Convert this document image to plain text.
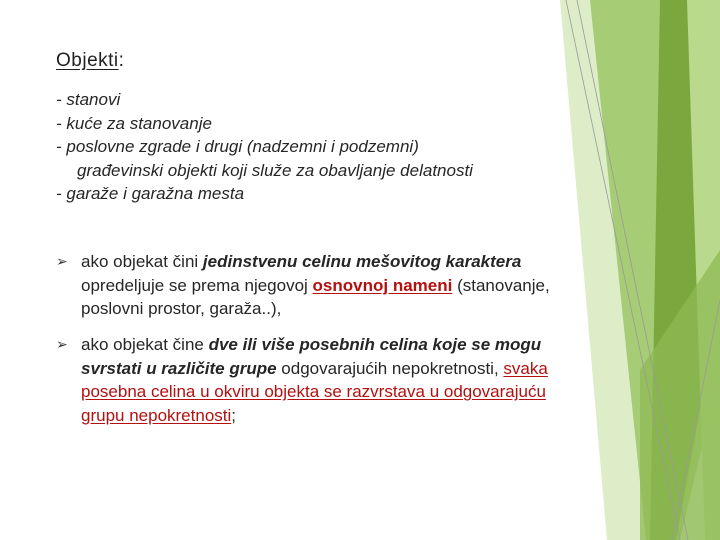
Objekti:
- stanovi
- kuće za stanovanje
- poslovne zgrade i drugi (nadzemni i podzemni)
građevinski objekti koji služe za obavljanje delatnosti
- garaže i garažna mesta
➢ ako objekat čini jedinstvenu celinu mešovitog karaktera opredeljuje se prema njegovoj osnovnoj nameni (stanovanje, poslovni prostor, garaža..),
➢ ako objekat čine dve ili više posebnih celina koje se mogu svrstati u različite grupe odgovarajućih nepokretnosti, svaka posebna celina u okviru objekta se razvrstava u odgovarajuću grupu nepokretnosti;
